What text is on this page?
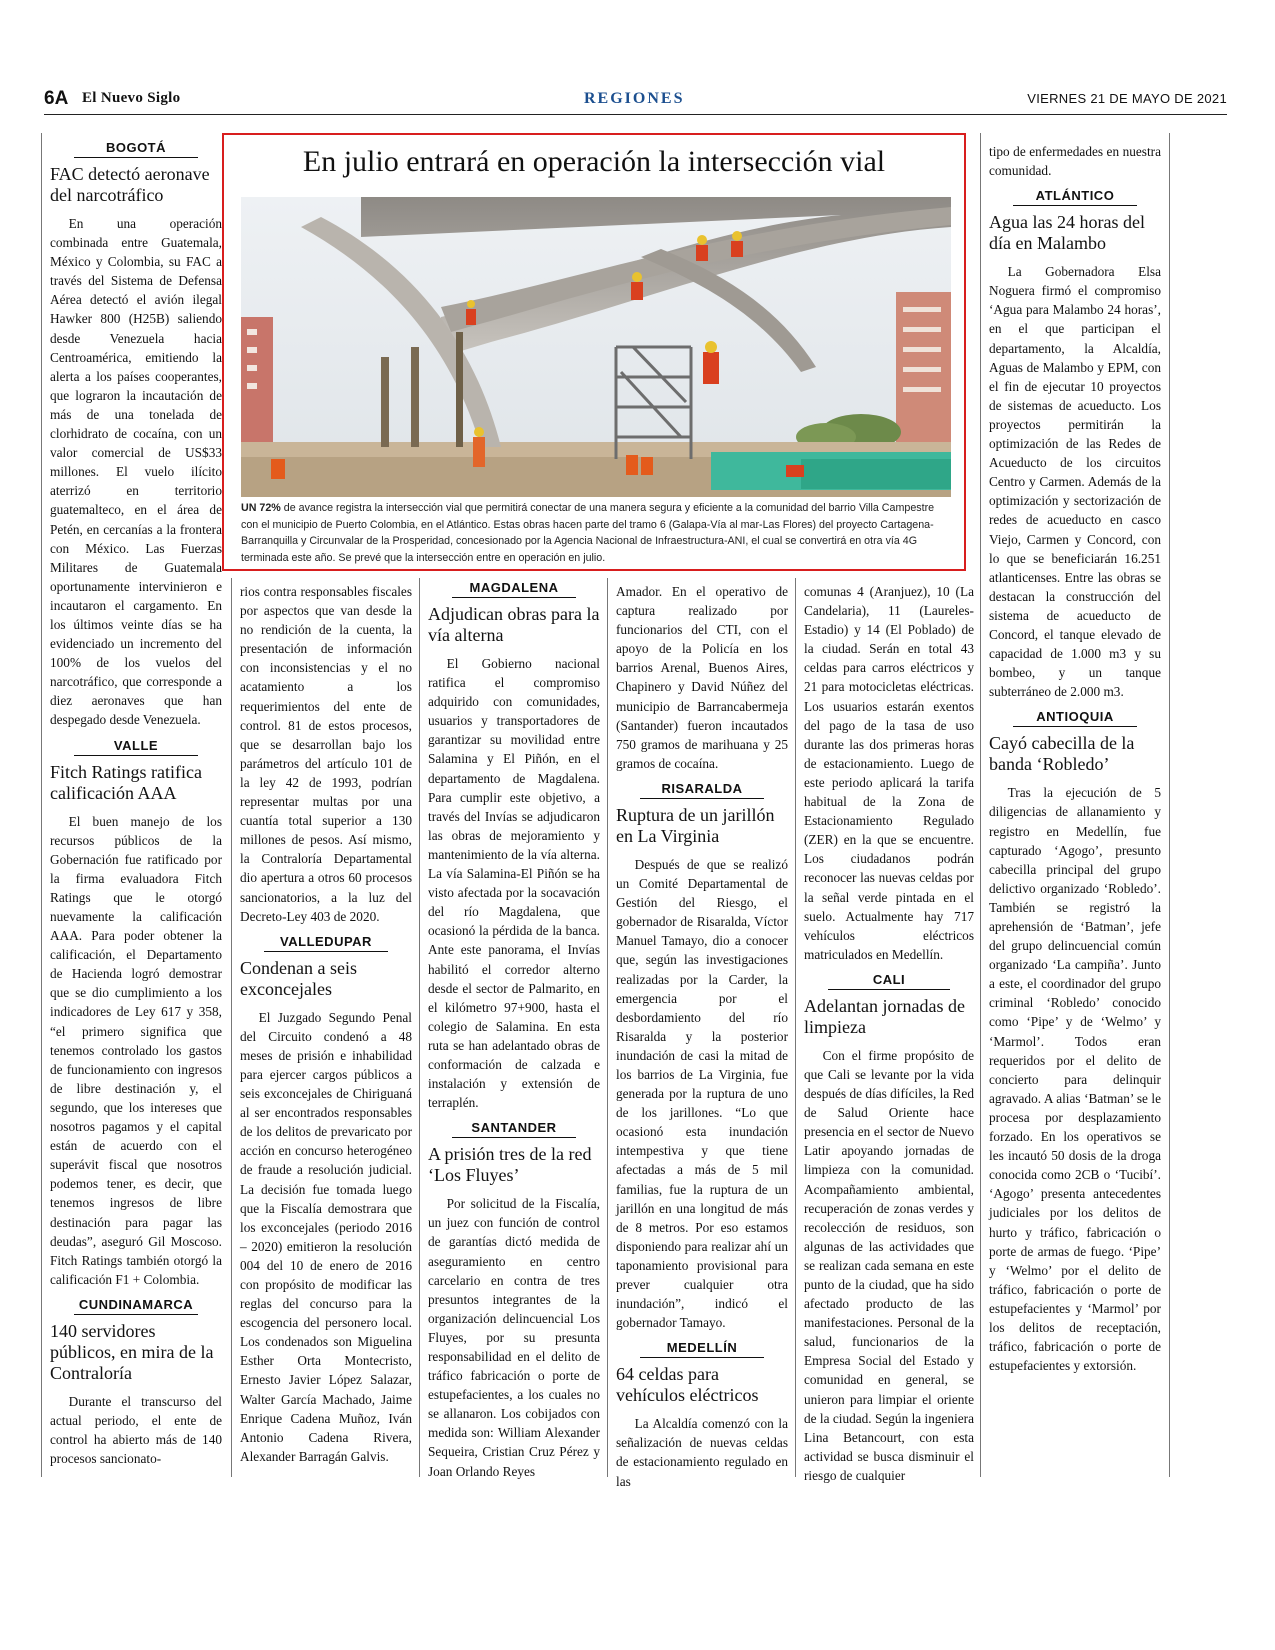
6A El Nuevo Siglo	REGIONES	VIERNES 21 DE MAYO DE 2021
BOGOTÁ
FAC detectó aeronave del narcotráfico

En una operación combinada entre Guatemala, México y Colombia, su FAC a través del Sistema de Defensa Aérea detectó el avión ilegal Hawker 800 (H25B) saliendo desde Venezuela hacia Centroamérica, emitiendo la alerta a los países cooperantes, que lograron la incautación de más de una tonelada de clorhidrato de cocaína, con un valor comercial de US$33 millones. El vuelo ilícito aterrizó en territorio guatemalteco, en el área de Petén, en cercanías a la frontera con México. Las Fuerzas Militares de Guatemala oportunamente intervinieron e incautaron el cargamento. En los últimos veinte días se ha evidenciado un incremento del 100% de los vuelos del narcotráfico, que corresponde a diez aeronaves que han despegado desde Venezuela.

VALLE
Fitch Ratings ratifica calificación AAA

El buen manejo de los recursos públicos de la Gobernación fue ratificado por la firma evaluadora Fitch Ratings que le otorgó nuevamente la calificación AAA. Para poder obtener la calificación, el Departamento de Hacienda logró demostrar que se dio cumplimiento a los indicadores de Ley 617 y 358, “el primero significa que tenemos controlado los gastos de funcionamiento con ingresos de libre destinación y, el segundo, que los intereses que nosotros pagamos y el capital están de acuerdo con el superávit fiscal que nosotros podemos tener, es decir, que tenemos ingresos de libre destinación para pagar las deudas”, aseguró Gil Moscoso. Fitch Ratings también otorgó la calificación F1 + Colombia.

CUNDINAMARCA
140 servidores públicos, en mira de la Contraloría

Durante el transcurso del actual periodo, el ente de control ha abierto más de 140 procesos sancionato-

rios contra responsables fiscales por aspectos que van desde la no rendición de la cuenta, la presentación de información con inconsistencias y el no acatamiento a los requerimientos del ente de control. 81 de estos procesos, que se desarrollan bajo los parámetros del artículo 101 de la ley 42 de 1993, podrían representar multas por una cuantía total superior a 130 millones de pesos. Así mismo, la Contraloría Departamental dio apertura a otros 60 procesos sancionatorios, a la luz del Decreto-Ley 403 de 2020.

VALLEDUPAR
Condenan a seis exconcejales

El Juzgado Segundo Penal del Circuito condenó a 48 meses de prisión e inhabilidad para ejercer cargos públicos a seis exconcejales de Chiriguaná al ser encontrados responsables de los delitos de prevaricato por acción en concurso heterogéneo de fraude a resolución judicial. La decisión fue tomada luego que la Fiscalía demostrara que los exconcejales (periodo 2016 – 2020) emitieron la resolución 004 del 10 de enero de 2016 con propósito de modificar las reglas del concurso para la escogencia del personero local. Los condenados son Miguelina Esther Orta Montecristo, Ernesto Javier López Salazar, Walter García Machado, Jaime Enrique Cadena Muñoz, Iván Antonio Cadena Rivera, Alexander Barragán Galvis.

MAGDALENA
Adjudican obras para la vía alterna

El Gobierno nacional ratifica el compromiso adquirido con comunidades, usuarios y transportadores de garantizar su movilidad entre Salamina y El Piñón, en el departamento de Magdalena. Para cumplir este objetivo, a través del Invías se adjudicaron las obras de mejoramiento y mantenimiento de la vía alterna. La vía Salamina-El Piñón se ha visto afectada por la socavación del río Magdalena, que ocasionó la pérdida de la banca. Ante este panorama, el Invías habilitó el corredor alterno desde el sector de Palmarito, en el kilómetro 97+900, hasta el colegio de Salamina. En esta ruta se han adelantado obras de conformación de calzada e instalación y extensión de terraplén.

SANTANDER
A prisión tres de la red ‘Los Fluyes’

Por solicitud de la Fiscalía, un juez con función de control de garantías dictó medida de aseguramiento en centro carcelario en contra de tres presuntos integrantes de la organización delincuencial Los Fluyes, por su presunta responsabilidad en el delito de tráfico fabricación o porte de estupefacientes, a los cuales no se allanaron. Los cobijados con medida son: William Alexander Sequeira, Cristian Cruz Pérez y Joan Orlando Reyes

Amador. En el operativo de captura realizado por funcionarios del CTI, con el apoyo de la Policía en los barrios Arenal, Buenos Aires, Chapinero y David Núñez del municipio de Barrancabermeja (Santander) fueron incautados 750 gramos de marihuana y 25 gramos de cocaína.

RISARALDA
Ruptura de un jarillón en La Virginia

Después de que se realizó un Comité Departamental de Gestión del Riesgo, el gobernador de Risaralda, Víctor Manuel Tamayo, dio a conocer que, según las investigaciones realizadas por la Carder, la emergencia por el desbordamiento del río Risaralda y la posterior inundación de casi la mitad de los barrios de La Virginia, fue generada por la ruptura de uno de los jarillones. “Lo que ocasionó esta inundación intempestiva y que tiene afectadas a más de 5 mil familias, fue la ruptura de un jarillón en una longitud de más de 8 metros. Por eso estamos disponiendo para realizar ahí un taponamiento provisional para prever cualquier otra inundación”, indicó el gobernador Tamayo.

MEDELLÍN
64 celdas para vehículos eléctricos

La Alcaldía comenzó con la señalización de nuevas celdas de estacionamiento regulado en las

comunas 4 (Aranjuez), 10 (La Candelaria), 11 (Laureles-Estadio) y 14 (El Poblado) de la ciudad. Serán en total 43 celdas para carros eléctricos y 21 para motocicletas eléctricas. Los usuarios estarán exentos del pago de la tasa de uso durante las dos primeras horas de estacionamiento. Luego de este periodo aplicará la tarifa habitual de la Zona de Estacionamiento Regulado (ZER) en la que se encuentre. Los ciudadanos podrán reconocer las nuevas celdas por la señal verde pintada en el suelo. Actualmente hay 717 vehículos eléctricos matriculados en Medellín.

CALI
Adelantan jornadas de limpieza

Con el firme propósito de que Cali se levante por la vida después de días difíciles, la Red de Salud Oriente hace presencia en el sector de Nuevo Latir apoyando jornadas de limpieza con la comunidad. Acompañamiento ambiental, recuperación de zonas verdes y recolección de residuos, son algunas de las actividades que se realizan cada semana en este punto de la ciudad, que ha sido afectado producto de las manifestaciones. Personal de la salud, funcionarios de la Empresa Social del Estado y comunidad en general, se unieron para limpiar el oriente de la ciudad. Según la ingeniera Lina Betancourt, con esta actividad se busca disminuir el riesgo de cualquier

tipo de enfermedades en nuestra comunidad.

ATLÁNTICO
Agua las 24 horas del día en Malambo

La Gobernadora Elsa Noguera firmó el compromiso ‘Agua para Malambo 24 horas’, en el que participan el departamento, la Alcaldía, Aguas de Malambo y EPM, con el fin de ejecutar 10 proyectos de sistemas de acueducto. Los proyectos permitirán la optimización de las Redes de Acueducto de los circuitos Centro y Carmen. Además de la optimización y sectorización de redes de acueducto en casco Viejo, Carmen y Concord, con lo que se beneficiarán 16.251 atlanticenses. Entre las obras se destacan la construcción del sistema de acueducto de Concord, el tanque elevado de capacidad de 1.000 m3 y su bombeo, y un tanque subterráneo de 2.000 m3.

ANTIOQUIA
Cayó cabecilla de la banda ‘Robledo’

Tras la ejecución de 5 diligencias de allanamiento y registro en Medellín, fue capturado ‘Agogo’, presunto cabecilla principal del grupo delictivo organizado ‘Robledo’. También se registró la aprehensión de ‘Batman’, jefe del grupo delincuencial común organizado ‘La campiña’. Junto a este, el coordinador del grupo criminal ‘Robledo’ conocido como ‘Pipe’ y de ‘Welmo’ y ‘Marmol’. Todos eran requeridos por el delito de concierto para delinquir agravado. A alias ‘Batman’ se le procesa por desplazamiento forzado. En los operativos se les incautó 50 dosis de la droga conocida como 2CB o ‘Tucibí’. ‘Agogo’ presenta antecedentes judiciales por los delitos de hurto y tráfico, fabricación o porte de armas de fuego. ‘Pipe’ y ‘Welmo’ por el delito de tráfico, fabricación o porte de estupefacientes y ‘Marmol’ por los delitos de receptación, tráfico, fabricación o porte de estupefacientes y extorsión.

En julio entrará en operación la intersección vial
UN 72% de avance registra la intersección vial que permitirá conectar de una manera segura y eficiente a la comunidad del barrio Villa Campestre con el municipio de Puerto Colombia, en el Atlántico. Estas obras hacen parte del tramo 6 (Galapa-Vía al mar-Las Flores) del proyecto Cartagena-Barranquilla y Circunvalar de la Prosperidad, concesionado por la Agencia Nacional de Infraestructura-ANI, el cual se convertirá en otra vía 4G terminada este año. Se prevé que la intersección entre en operación en julio.
